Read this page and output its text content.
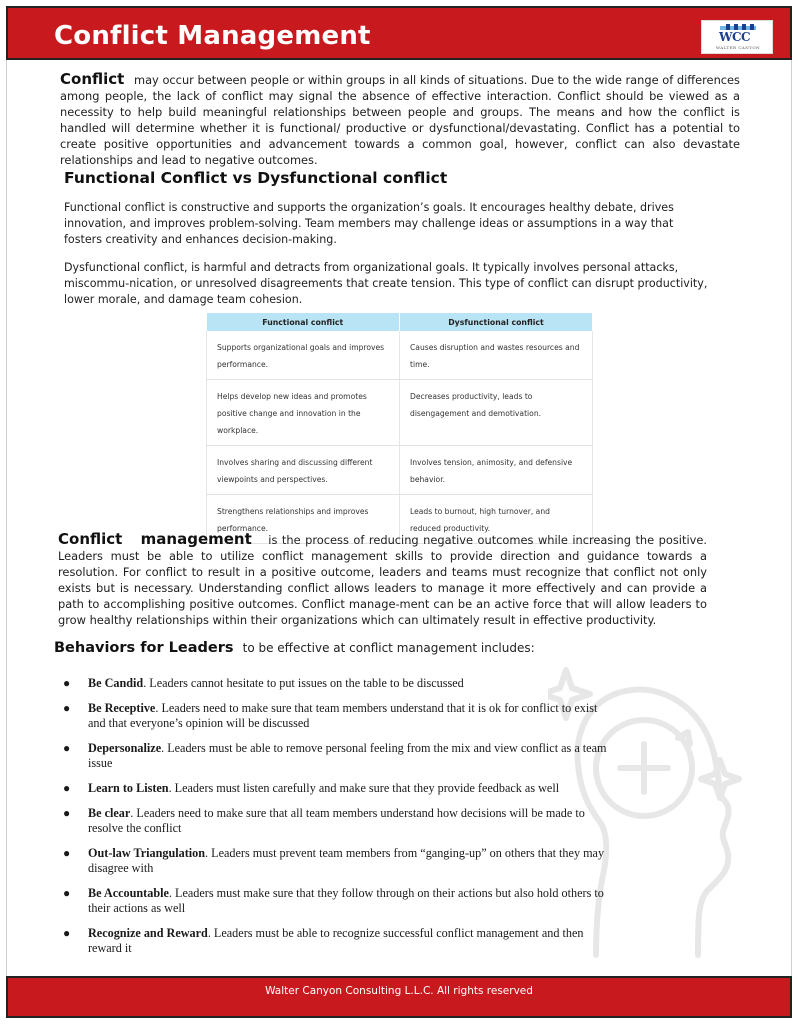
Conflict Management	WCC
WALTER CANYON

Conflict may occur between people or within groups in all kinds of situations. Due to the wide range of differences among people, the lack of conflict may signal the absence of effective interaction. Conflict should be viewed as a necessity to help build meaningful relationships between people and groups. The means and how the conflict is handled will determine whether it is functional/ productive or dysfunctional/devastating. Conflict has a potential to create positive opportunities and advancement towards a common goal, however, conflict can also devastate relationships and lead to negative outcomes.

Functional Conflict vs Dysfunctional conflict

Functional conflict is constructive and supports the organization’s goals. It encourages healthy debate, drives innovation, and improves problem-solving. Team members may challenge ideas or assumptions in a way that fosters creativity and enhances decision-making.

Dysfunctional conflict, is harmful and detracts from organizational goals. It typically involves personal attacks, miscommu-nication, or unresolved disagreements that create tension. This type of conflict can disrupt productivity, lower morale, and damage team cohesion.

Functional conflict	Dysfunctional conflict
Supports organizational goals and improves performance.	Causes disruption and wastes resources and time.
Helps develop new ideas and promotes positive change and innovation in the workplace.	Decreases productivity, leads to disengagement and demotivation.
Involves sharing and discussing different viewpoints and perspectives.	Involves tension, animosity, and defensive behavior.
Strengthens relationships and improves performance.	Leads to burnout, high turnover, and reduced productivity.

Conflict   management is the process of reducing negative outcomes while increasing the positive. Leaders must be able to utilize conflict management skills to provide direction and guidance towards a resolution. For conflict to result in a positive outcome, leaders and teams must recognize that conflict not only exists but is necessary. Understanding conflict allows leaders to manage it more effectively and can provide a path to accomplishing positive outcomes. Conflict manage-ment can be an active force that will allow leaders to grow healthy relationships within their organizations which can ultimately result in effective productivity.

Behaviors for Leaders to be effective at conflict management includes:
● Be Candid. Leaders cannot hesitate to put issues on the table to be discussed
● Be Receptive. Leaders need to make sure that team members understand that it is ok for conflict to exist and that everyone’s opinion will be discussed
● Depersonalize. Leaders must be able to remove personal feeling from the mix and view conflict as a team issue
● Learn to Listen. Leaders must listen carefully and make sure that they provide feedback as well
● Be clear. Leaders need to make sure that all team members understand how decisions will be made to resolve the conflict
● Out-law Triangulation. Leaders must prevent team members from “ganging-up” on others that they may disagree with
● Be Accountable. Leaders must make sure that they follow through on their actions but also hold others to their actions as well
● Recognize and Reward. Leaders must be able to recognize successful conflict management and then reward it
Walter Canyon Consulting L.L.C. All rights reserved
